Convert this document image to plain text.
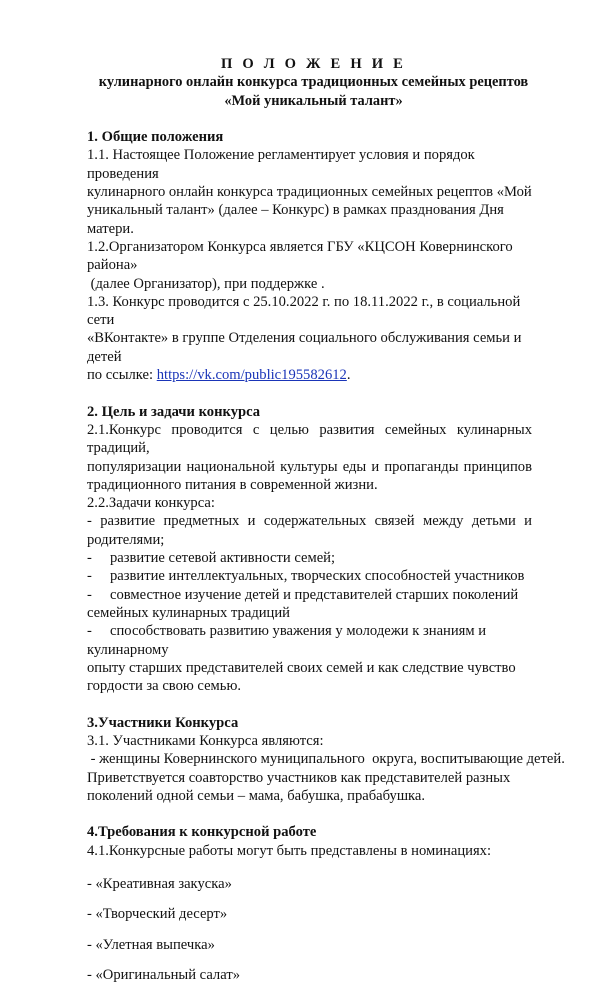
П О Л О Ж Е Н И Е

кулинарного онлайн конкурса традиционных семейных рецептов

«Мой уникальный талант»

1. Общие положения

1.1. Настоящее Положение регламентирует условия и порядок проведения

кулинарного онлайн конкурса традиционных семейных рецептов «Мой

уникальный талант» (далее – Конкурс) в рамках празднования Дня матери.

1.2.Организатором Конкурса является ГБУ «КЦСОН Ковернинского района»

(далее Организатор), при поддержке .

1.3. Конкурс проводится с 25.10.2022 г. по 18.11.2022 г., в социальной сети

«ВКонтакте» в группе Отделения социального обслуживания семьи и детей

по ссылке: https://vk.com/public195582612.

2. Цель и задачи конкурса

2.1.Конкурс проводится с целью развития семейных кулинарных традиций,

популяризации национальной культуры еды и пропаганды принципов

традиционного питания в современной жизни.

2.2.Задачи конкурса:

- развитие предметных и содержательных связей между детьми и

родителями;

- развитие сетевой активности семей;

- развитие интеллектуальных, творческих способностей участников

- совместное изучение детей и представителей старших поколений

семейных кулинарных традиций

- способствовать развитию уважения у молодежи к знаниям и кулинарному

опыту старших представителей своих семей и как следствие чувство

гордости за свою семью.

3.Участники Конкурса

3.1. Участниками Конкурса являются:

- женщины Ковернинского муниципального  округа, воспитывающие детей.

Приветствуется соавторство участников как представителей разных

поколений одной семьи – мама, бабушка, прабабушка.

4.Требования к конкурсной работе

4.1.Конкурсные работы могут быть представлены в номинациях:

- «Креативная закуска»

- «Творческий десерт»

- «Улетная выпечка»

- «Оригинальный салат»
